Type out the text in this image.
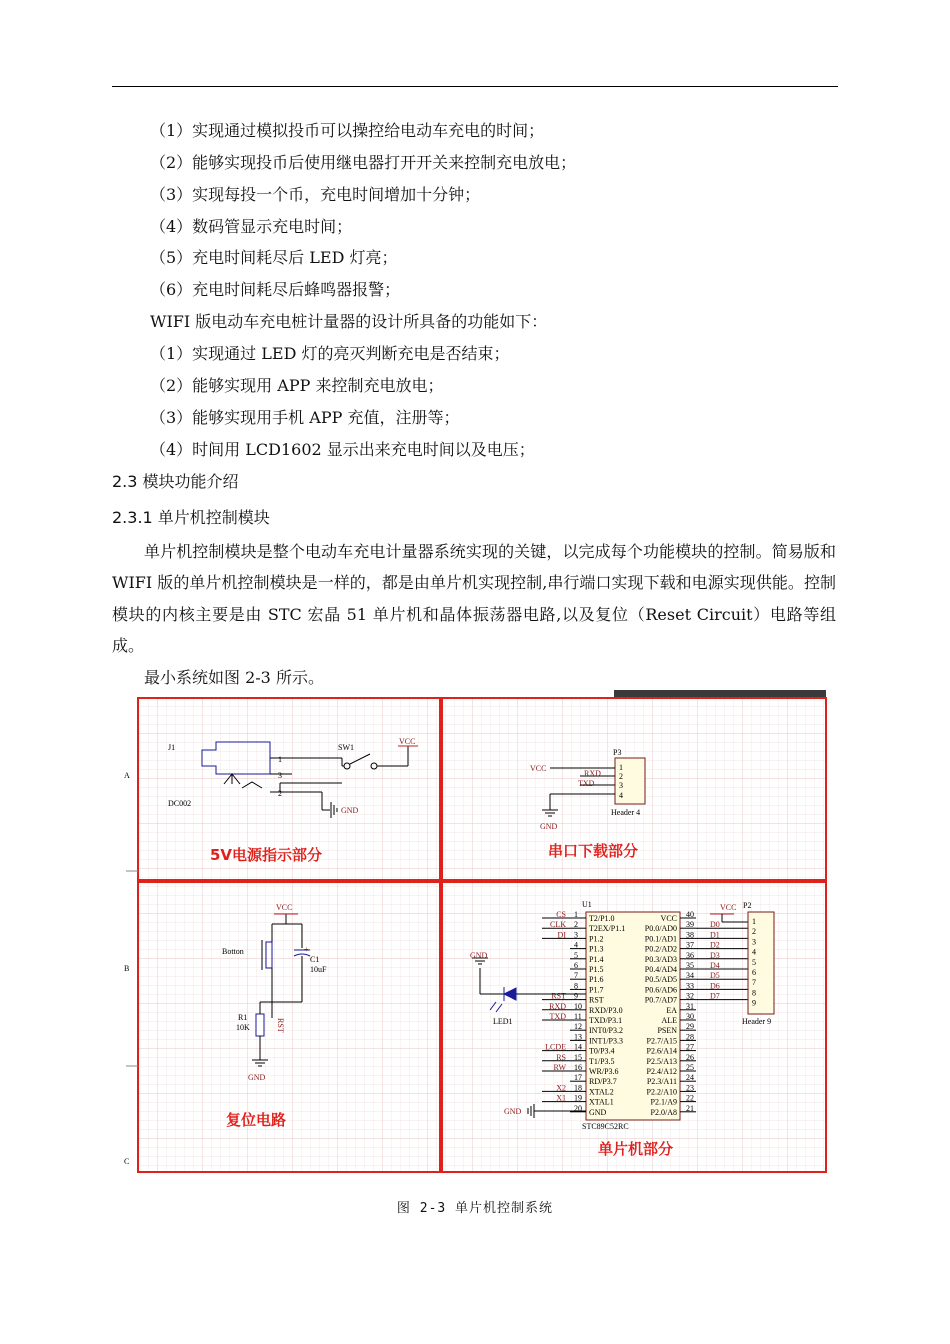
（1）实现通过模拟投币可以操控给电动车充电的时间；
（2）能够实现投币后使用继电器打开开关来控制充电放电；
（3）实现每投一个币，充电时间增加十分钟；
（4）数码管显示充电时间；
（5）充电时间耗尽后 LED 灯亮；
（6）充电时间耗尽后蜂鸣器报警；
WIFI 版电动车充电桩计量器的设计所具备的功能如下：
（1）实现通过 LED 灯的亮灭判断充电是否结束；
（2）能够实现用 APP 来控制充电放电；
（3）能够实现用手机 APP 充值，注册等；
（4）时间用 LCD1602 显示出来充电时间以及电压；
2.3 模块功能介绍
2.3.1 单片机控制模块
单片机控制模块是整个电动车充电计量器系统实现的关键，以完成每个功能模块的控制。简易版和 WIFI 版的单片机控制模块是一样的，都是由单片机实现控制,串行端口实现下载和电源实现供能。控制模块的内核主要是由 STC 宏晶 51 单片机和晶体振荡器电路,以及复位（Reset Circuit）电路等组成。
最小系统如图 2-3 所示。
A
B
C
J1
DC002
1
3
2
SW1
VCC
GND
5V电源指示部分
P3
VCC
RXD
TXD
1
2
3
4
Header 4
GND
串口下载部分
VCC
Botton	+
C1
10uF
R1
10K	RST
GND
复位电路
U1
1 T2/P1.0
CS
2 T2EX/P1.1
CLK
3 P1.2
DI
4 P1.3
5 P1.4
6 P1.5
7 P1.6
8 P1.7
9 RST
RST
10 RXD/P3.0
RXD
11 TXD/P3.1
TXD
12 INT0/P3.2
13 INT1/P3.3
14 T0/P3.4
LCDE
15 T1/P3.5
RS
16 WR/P3.6
RW
17 RD/P3.7
18 XTAL2
X2
19 XTAL1
X1
20 GND
40
VCC
39
P0.0/AD0	D0
38
P0.1/AD1	D1
37
P0.2/AD2	D2
36
P0.3/AD3	D3
35
P0.4/AD4	D4
34
P0.5/AD5	D5
33
P0.6/AD6	D6
32
P0.7/AD7	D7
31
EA
30
ALE
29
PSEN
28
P2.7/A15
27
P2.6/A14
26
P2.5/A13
25
P2.4/A12
24
P2.3/A11
23
P2.2/A10
22
P2.1/A9
21
P2.0/A8
STC89C52RC
VCC P2
1
2
3
4
5
6
7
8
9
Header 9
GND
LED1
GND
单片机部分
图 2-3 单片机控制系统
